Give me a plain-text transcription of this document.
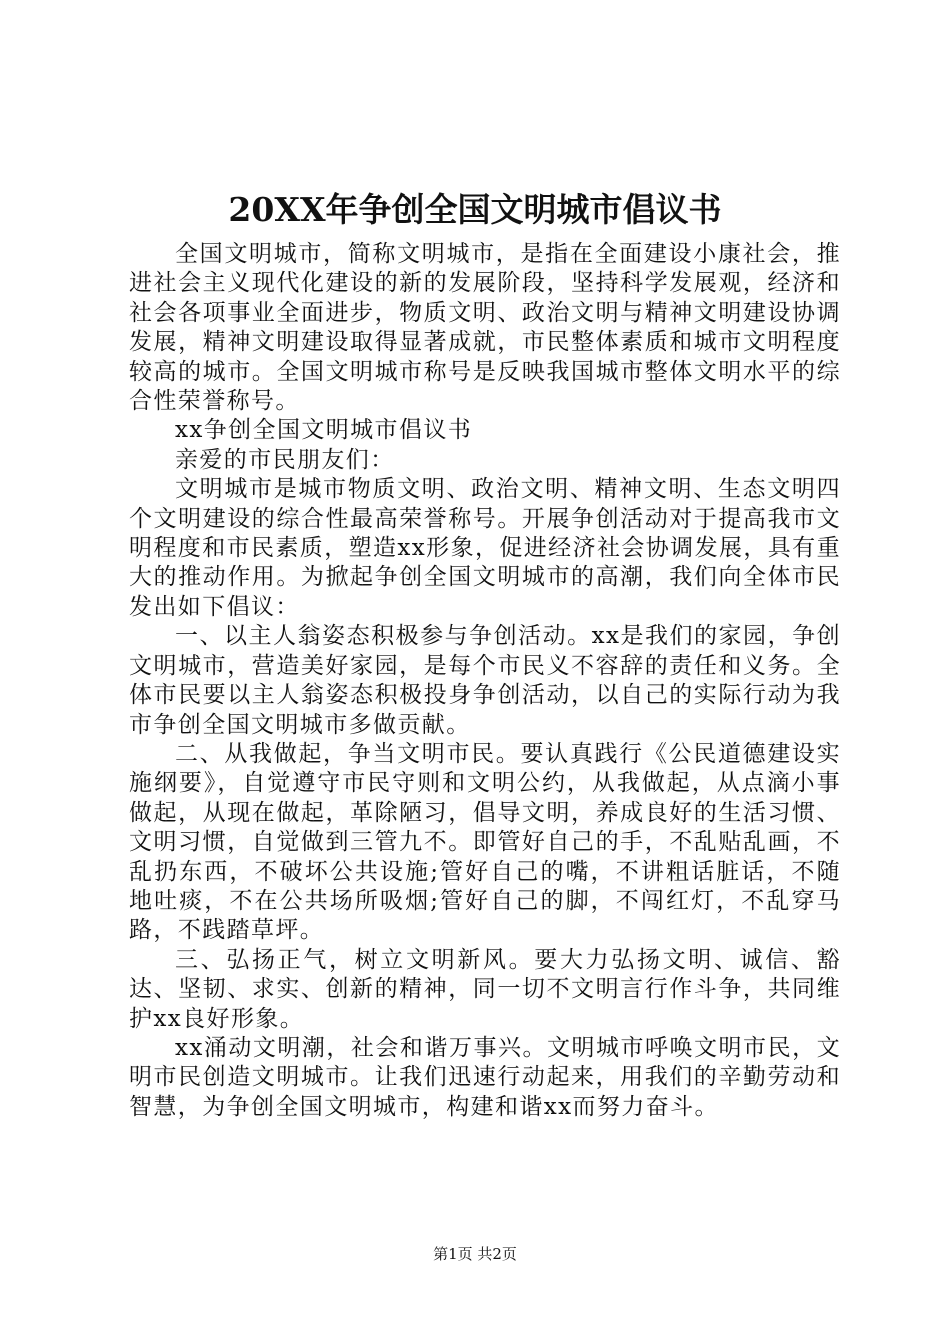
20XX年争创全国文明城市倡议书

全国文明城市，简称文明城市，是指在全面建设小康社会，推进社会主义现代化建设的新的发展阶段，坚持科学发展观，经济和社会各项事业全面进步，物质文明、政治文明与精神文明建设协调发展，精神文明建设取得显著成就，市民整体素质和城市文明程度较高的城市。全国文明城市称号是反映我国城市整体文明水平的综合性荣誉称号。

xx争创全国文明城市倡议书

亲爱的市民朋友们：

文明城市是城市物质文明、政治文明、精神文明、生态文明四个文明建设的综合性最高荣誉称号。开展争创活动对于提高我市文明程度和市民素质，塑造xx形象，促进经济社会协调发展，具有重大的推动作用。为掀起争创全国文明城市的高潮，我们向全体市民发出如下倡议：

一、以主人翁姿态积极参与争创活动。xx是我们的家园，争创文明城市，营造美好家园，是每个市民义不容辞的责任和义务。全体市民要以主人翁姿态积极投身争创活动，以自己的实际行动为我市争创全国文明城市多做贡献。

二、从我做起，争当文明市民。要认真践行《公民道德建设实施纲要》，自觉遵守市民守则和文明公约，从我做起，从点滴小事做起，从现在做起，革除陋习，倡导文明，养成良好的生活习惯、文明习惯，自觉做到三管九不。即管好自己的手，不乱贴乱画，不乱扔东西，不破坏公共设施;管好自己的嘴，不讲粗话脏话，不随地吐痰，不在公共场所吸烟;管好自己的脚，不闯红灯，不乱穿马路，不践踏草坪。

三、弘扬正气，树立文明新风。要大力弘扬文明、诚信、豁达、坚韧、求实、创新的精神，同一切不文明言行作斗争，共同维护xx良好形象。

xx涌动文明潮，社会和谐万事兴。文明城市呼唤文明市民，文明市民创造文明城市。让我们迅速行动起来，用我们的辛勤劳动和智慧，为争创全国文明城市，构建和谐xx而努力奋斗。

第1页 共2页
